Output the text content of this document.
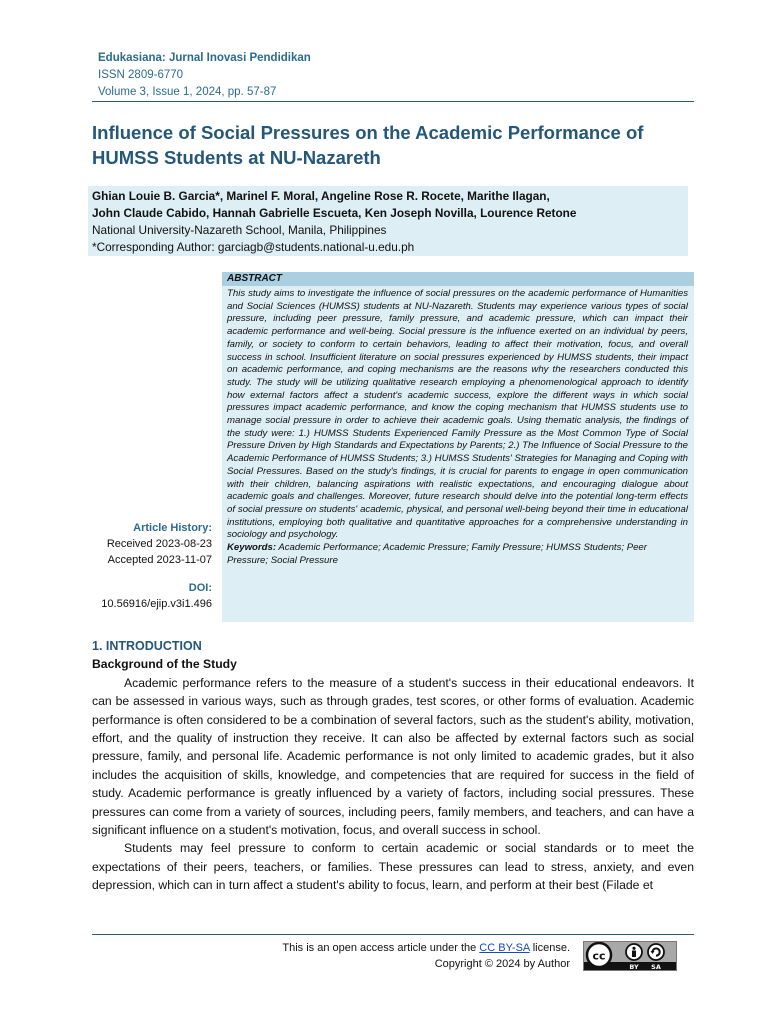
Edukasiana: Jurnal Inovasi Pendidikan
ISSN 2809-6770
Volume 3, Issue 1, 2024, pp. 57-87
Influence of Social Pressures on the Academic Performance of HUMSS Students at NU-Nazareth
Ghian Louie B. Garcia*, Marinel F. Moral, Angeline Rose R. Rocete, Marithe Ilagan,
John Claude Cabido, Hannah Gabrielle Escueta, Ken Joseph Novilla, Lourence Retone
National University-Nazareth School, Manila, Philippines
*Corresponding Author: garciagb@students.national-u.edu.ph
Article History:
Received 2023-08-23
Accepted 2023-11-07
DOI:
10.56916/ejip.v3i1.496
ABSTRACT

This study aims to investigate the influence of social pressures on the academic performance of Humanities and Social Sciences (HUMSS) students at NU-Nazareth. Students may experience various types of social pressure, including peer pressure, family pressure, and academic pressure, which can impact their academic performance and well-being. Social pressure is the influence exerted on an individual by peers, family, or society to conform to certain behaviors, leading to affect their motivation, focus, and overall success in school. Insufficient literature on social pressures experienced by HUMSS students, their impact on academic performance, and coping mechanisms are the reasons why the researchers conducted this study. The study will be utilizing qualitative research employing a phenomenological approach to identify how external factors affect a student's academic success, explore the different ways in which social pressures impact academic performance, and know the coping mechanism that HUMSS students use to manage social pressure in order to achieve their academic goals. Using thematic analysis, the findings of the study were: 1.) HUMSS Students Experienced Family Pressure as the Most Common Type of Social Pressure Driven by High Standards and Expectations by Parents; 2.) The Influence of Social Pressure to the Academic Performance of HUMSS Students; 3.) HUMSS Students' Strategies for Managing and Coping with Social Pressures. Based on the study's findings, it is crucial for parents to engage in open communication with their children, balancing aspirations with realistic expectations, and encouraging dialogue about academic goals and challenges. Moreover, future research should delve into the potential long-term effects of social pressure on students' academic, physical, and personal well-being beyond their time in educational institutions, employing both qualitative and quantitative approaches for a comprehensive understanding in sociology and psychology.

Keywords: Academic Performance; Academic Pressure; Family Pressure; HUMSS Students; Peer Pressure; Social Pressure

1. INTRODUCTION

Background of the Study

Academic performance refers to the measure of a student's success in their educational endeavors. It can be assessed in various ways, such as through grades, test scores, or other forms of evaluation. Academic performance is often considered to be a combination of several factors, such as the student's ability, motivation, effort, and the quality of instruction they receive. It can also be affected by external factors such as social pressure, family, and personal life. Academic performance is not only limited to academic grades, but it also includes the acquisition of skills, knowledge, and competencies that are required for success in the field of study. Academic performance is greatly influenced by a variety of factors, including social pressures. These pressures can come from a variety of sources, including peers, family members, and teachers, and can have a significant influence on a student's motivation, focus, and overall success in school.

Students may feel pressure to conform to certain academic or social standards or to meet the expectations of their peers, teachers, or families. These pressures can lead to stress, anxiety, and even depression, which can in turn affect a student's ability to focus, learn, and perform at their best (Filade et

This is an open access article under the CC BY-SA license.
Copyright © 2024 by Author
cc
BY SA
